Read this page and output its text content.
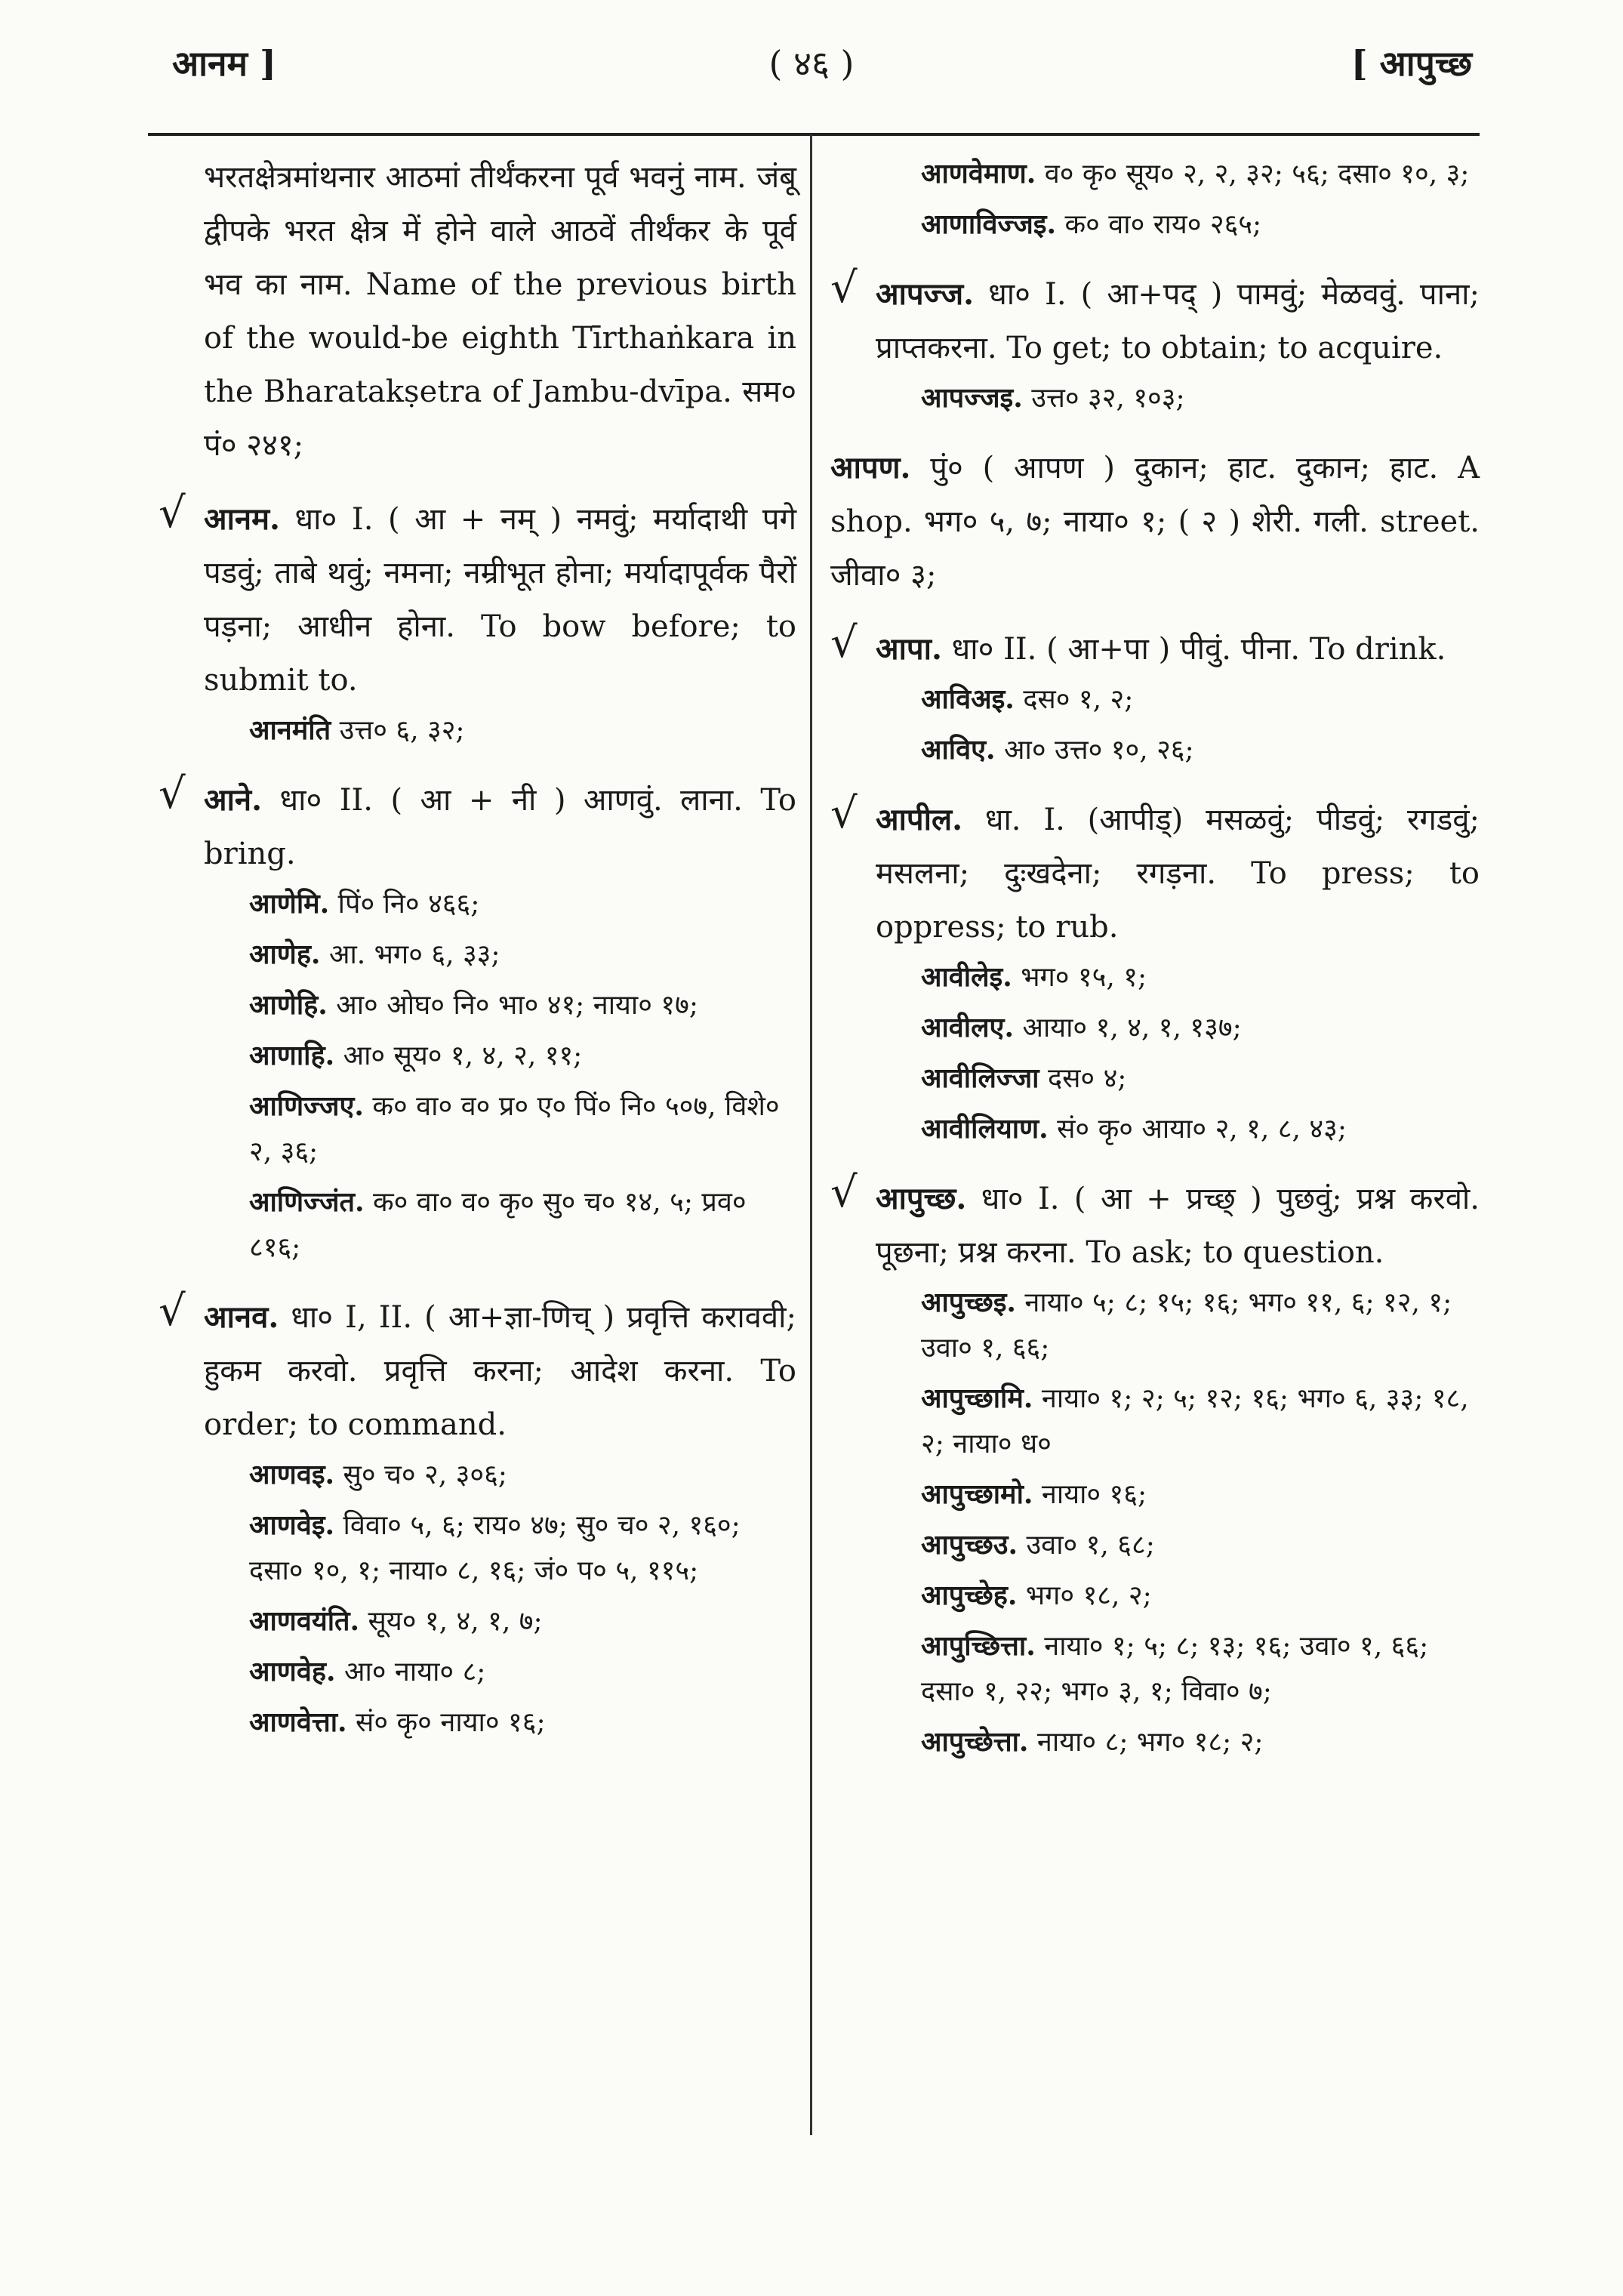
आनम ]	( ४६ )	[ आपुच्छ
भरतक्षेत्रमांथनार आठमां तीर्थंकरना पूर्व भवनुं नाम. जंबू द्वीपके भरत क्षेत्र में होने वाले आठवें तीर्थंकर के पूर्व भव का नाम. Name of the previous birth of the would-be eighth Tīrthaṅkara in the Bharatakṣetra of Jambu-dvīpa. सम० पं० २४१;
√ आनम. धा० I. ( आ + नम् ) नमवुं; मर्यादाथी पगे पडवुं; ताबे थवुं; नमना; नम्रीभूत होना; मर्यादापूर्वक पैरों पड़ना; आधीन होना. To bow before; to submit to.
आनमंति उत्त० ६, ३२;
√ आने. धा० II. ( आ + नी ) आणवुं. लाना. To bring.
आणेमि. पिं० नि० ४६६;
आणेह. आ. भग० ६, ३३;
आणेहि. आ० ओघ० नि० भा० ४१; नाया० १७;
आणाहि. आ० सूय० १, ४, २, ११;
आणिज्जए. क० वा० व० प्र० ए० पिं० नि० ५०७, विशे० २, ३६;
आणिज्जंत. क० वा० व० कृ० सु० च० १४, ५; प्रव० ८१६;
√ आनव. धा० I, II. ( आ+ज्ञा-णिच् ) प्रवृत्ति कराववी; हुकम करवो. प्रवृत्ति करना; आदेश करना. To order; to command.
आणवइ. सु० च० २, ३०६;
आणवेइ. विवा० ५, ६; राय० ४७; सु० च० २, १६०; दसा० १०, १; नाया० ८, १६; जं० प० ५, ११५;
आणवयंति. सूय० १, ४, १, ७;
आणवेह. आ० नाया० ८;
आणवेत्ता. सं० कृ० नाया० १६;
आणवेमाण. व० कृ० सूय० २, २, ३२; ५६; दसा० १०, ३;
आणाविज्जइ. क० वा० राय० २६५;
√ आपज्ज. धा० I. ( आ+पद् ) पामवुं; मेळववुं. पाना; प्राप्तकरना. To get; to obtain; to acquire.
आपज्जइ. उत्त० ३२, १०३;
आपण. पुं० ( आपण ) दुकान; हाट. दुकान; हाट. A shop. भग० ५, ७; नाया० १; ( २ ) शेरी. गली. street. जीवा० ३;
√ आपा. धा० II. ( आ+पा ) पीवुं. पीना. To drink.
आविअइ. दस० १, २;
आविए. आ० उत्त० १०, २६;
√ आपील. धा. I. (आपीड्) मसळवुं; पीडवुं; रगडवुं; मसलना; दुःखदेना; रगड़ना. To press; to oppress; to rub.
आवीलेइ. भग० १५, १;
आवीलए. आया० १, ४, १, १३७;
आवीलिज्जा दस० ४;
आवीलियाण. सं० कृ० आया० २, १, ८, ४३;
√ आपुच्छ. धा० I. ( आ + प्रच्छ् ) पुछवुं; प्रश्न करवो. पूछना; प्रश्न करना. To ask; to question.
आपुच्छइ. नाया० ५; ८; १५; १६; भग० ११, ६; १२, १; उवा० १, ६६;
आपुच्छामि. नाया० १; २; ५; १२; १६; भग० ६, ३३; १८, २; नाया० ध०
आपुच्छामो. नाया० १६;
आपुच्छउ. उवा० १, ६८;
आपुच्छेह. भग० १८, २;
आपुच्छित्ता. नाया० १; ५; ८; १३; १६; उवा० १, ६६; दसा० १, २२; भग० ३, १; विवा० ७;
आपुच्छेत्ता. नाया० ८; भग० १८; २;
